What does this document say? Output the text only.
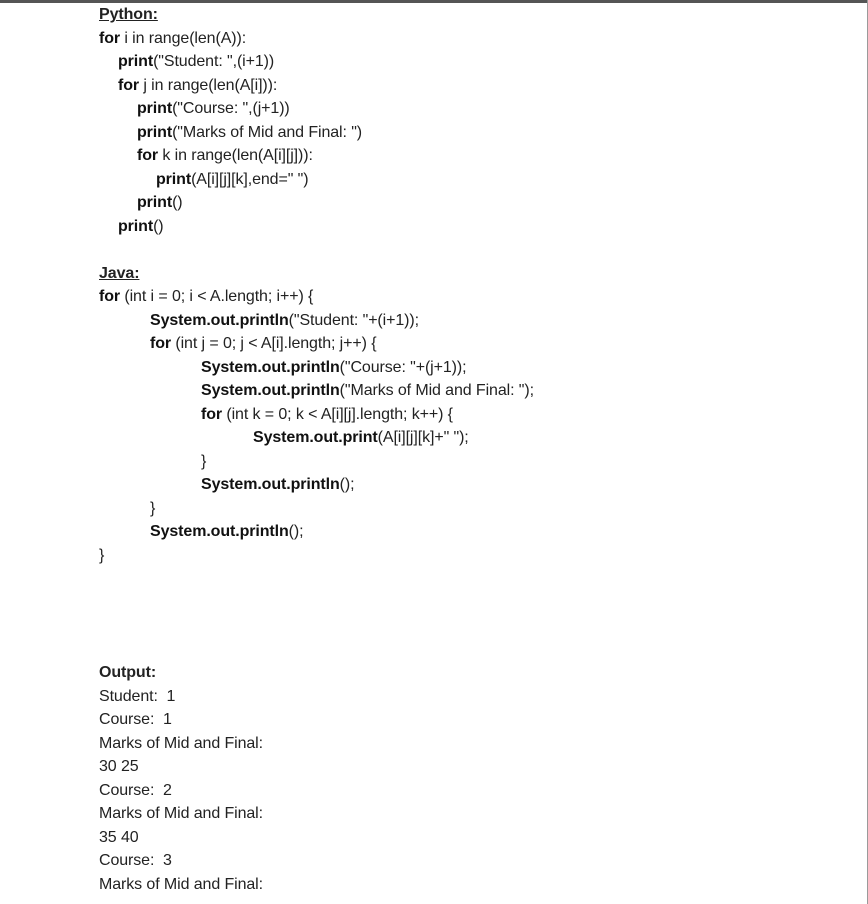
Python:
for i in range(len(A)):
print("Student: ",(i+1))
for j in range(len(A[i])):
print("Course: ",(j+1))
print("Marks of Mid and Final: ")
for k in range(len(A[i][j])):
print(A[i][j][k],end=" ")
print()
print()
Java:
for (int i = 0; i < A.length; i++) {
System.out.println("Student: "+(i+1));
for (int j = 0; j < A[i].length; j++) {
System.out.println("Course: "+(j+1));
System.out.println("Marks of Mid and Final: ");
for (int k = 0; k < A[i][j].length; k++) {
System.out.print(A[i][j][k]+" ");
}
System.out.println();
}
System.out.println();
}
Output:
Student:  1
Course:  1
Marks of Mid and Final:
30 25
Course:  2
Marks of Mid and Final:
35 40
Course:  3
Marks of Mid and Final:
